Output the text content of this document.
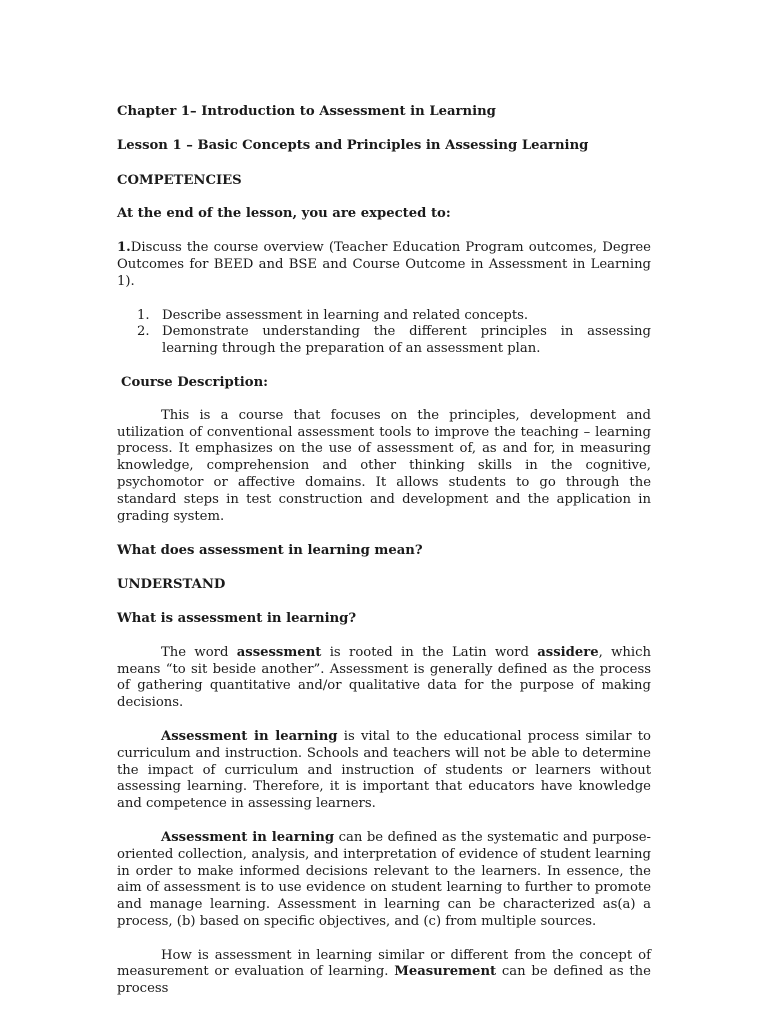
Chapter 1– Introduction to Assessment in Learning

Lesson 1 – Basic Concepts and Principles in Assessing Learning

COMPETENCIES

At the end of the lesson, you are expected to:

1.Discuss the course overview (Teacher Education Program outcomes, Degree Outcomes for BEED and BSE and Course Outcome in Assessment in Learning 1).

1. Describe assessment in learning and related concepts.
2. Demonstrate understanding the different principles in assessing learning through the preparation of an assessment plan.

Course Description:

This is a course that focuses on the principles, development and utilization of conventional assessment tools to improve the teaching – learning process. It emphasizes on the use of assessment of, as and for, in measuring knowledge, comprehension and other thinking skills in the cognitive, psychomotor or affective domains. It allows students to go through the standard steps in test construction and development and the application in grading system.

What does assessment in learning mean?

UNDERSTAND

What is assessment in learning?

The word assessment is rooted in the Latin word assidere, which means “to sit beside another”. Assessment is generally defined as the process of gathering quantitative and/or qualitative data for the purpose of making decisions.

Assessment in learning is vital to the educational process similar to curriculum and instruction. Schools and teachers will not be able to determine the impact of curriculum and instruction of students or learners without assessing learning. Therefore, it is important that educators have knowledge and competence in assessing learners.

Assessment in learning can be defined as the systematic and purpose-oriented collection, analysis, and interpretation of evidence of student learning in order to make informed decisions relevant to the learners. In essence, the aim of assessment is to use evidence on student learning to further to promote and manage learning. Assessment in learning can be characterized as(a) a process, (b) based on specific objectives, and (c) from multiple sources.

How is assessment in learning similar or different from the concept of measurement or evaluation of learning. Measurement can be defined as the process
